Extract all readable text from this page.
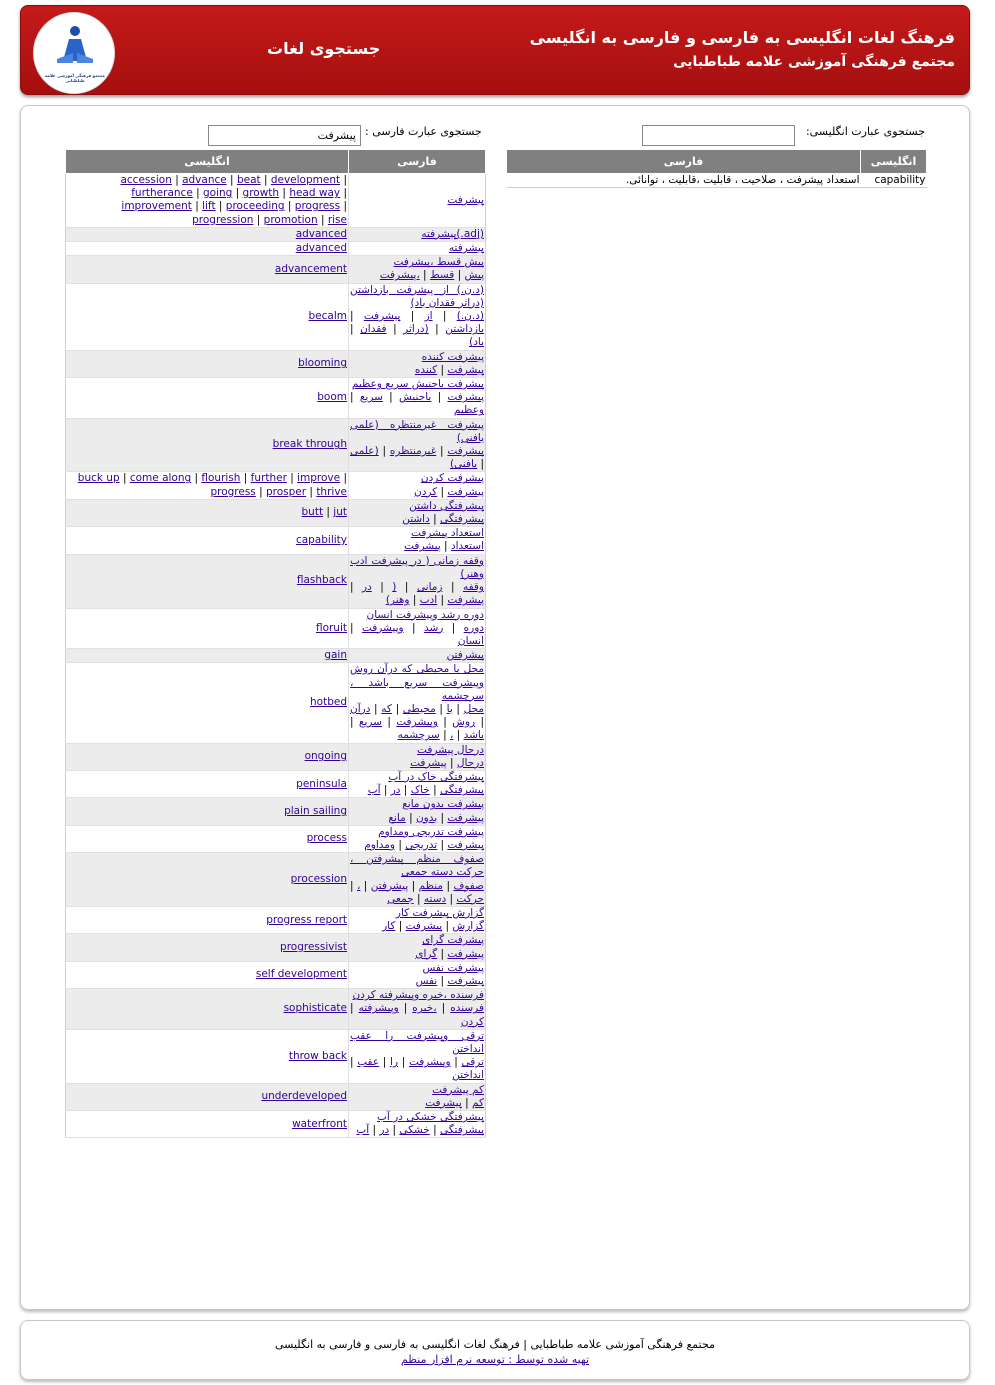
مجتمع فرهنگی آموزشی علامه طباطبایی
فرهنگ لغات انگلیسی به فارسی و فارسی به انگلیسی
مجتمع فرهنگی آموزشی علامه طباطبایی
جستجوی لغات
جستجوی عبارت انگلیسی:
انگلیسی	فارسی
capability	استعداد پیشرفت ، صلاحیت ، قابلیت ،قابلیت ، توانائی.
جستجوی عبارت فارسی :
پیشرفت
فارسی	انگلیسی
پیشرفت	accession | advance | beat | development | furtherance | going | growth | head way | improvement | lift | proceeding | progress | progression | promotion | rise
(adj.)پیشرفته	advanced
پیشرفته	advanced
پیش قسط ،پیشرفت
پیش | قسط | ،پیشرفت	advancement
(د.ن.) از پیشرفت بازداشتن (دراثر فقدان باد)
(د.ن.) | از | پیشرفت | بازداشتن | (دراثر | فقدان | باد)	becalm
پیشرفت کننده
پیشرفت | کننده	blooming
پیشرفت باجنبش سریع وعظیم
پیشرفت | باجنبش | سریع | وعظیم	boom
پیشرفت غیرمنتظره (علمی یافنی)
پیشرفت | غیرمنتظره | (علمی | یافنی)	break through
پیشرفت کردن
پیشرفت | کردن	buck up | come along | flourish | further | improve | progress | prosper | thrive
پیشرفتگی داشتن
پیشرفتگی | داشتن	butt | jut
استعداد پیشرفت
استعداد | پیشرفت	capability
وقفه زمانی ( در پیشرفت ادب وهنر)
وقفه | زمانی | ( | در | پیشرفت | ادب | وهنر)	flashback
دوره رشد وپیشرفت انسان
دوره | رشد | وپیشرفت | انسان	floruit
پیشرفتن	gain
محل یا محیطی که درآن روش وپیشرفت سریع باشد ، سرچشمه
محل | یا | محیطی | که | درآن | روش | وپیشرفت | سریع | باشد | ، | سرچشمه	hotbed
درحال پیشرفت
درحال | پیشرفت	ongoing
پیشرفتگی خاک در آب
پیشرفتگی | خاک | در | آب	peninsula
پیشرفت بدون مانع
پیشرفت | بدون | مانع	plain sailing
پیشرفت تدریجی ومداوم
پیشرفت | تدریجی | ومداوم	process
صفوف منظم پیشرفتن ، حرکت دسته جمعی
صفوف | منظم | پیشرفتن | ، | حرکت | دسته | جمعی	procession
گزارش پیشرفت کار
گزارش | پیشرفت | کار	progress report
پیشرفت گرای
پیشرفت | گرای	progressivist
پیشرفت نفس
پیشرفت | نفس	self development
فرسنده ،خبره وپیشرفته کردن
فرسنده | ،خبره | وپیشرفته | کردن	sophisticate
ترقی وپیشرفت را عقب انداختن
ترقی | وپیشرفت | را | عقب | انداختن	throw back
کم پیشرفت
کم | پیشرفت	underdeveloped
پیشرفتگی خشکی در آب
پیشرفتگی | خشکی | در | آب	waterfront
مجتمع فرهنگی آموزشی علامه طباطبایی | فرهنگ لغات انگلیسی به فارسی و فارسی به انگلیسی
تهیه شده توسط : توسعه نرم افزار منظم
